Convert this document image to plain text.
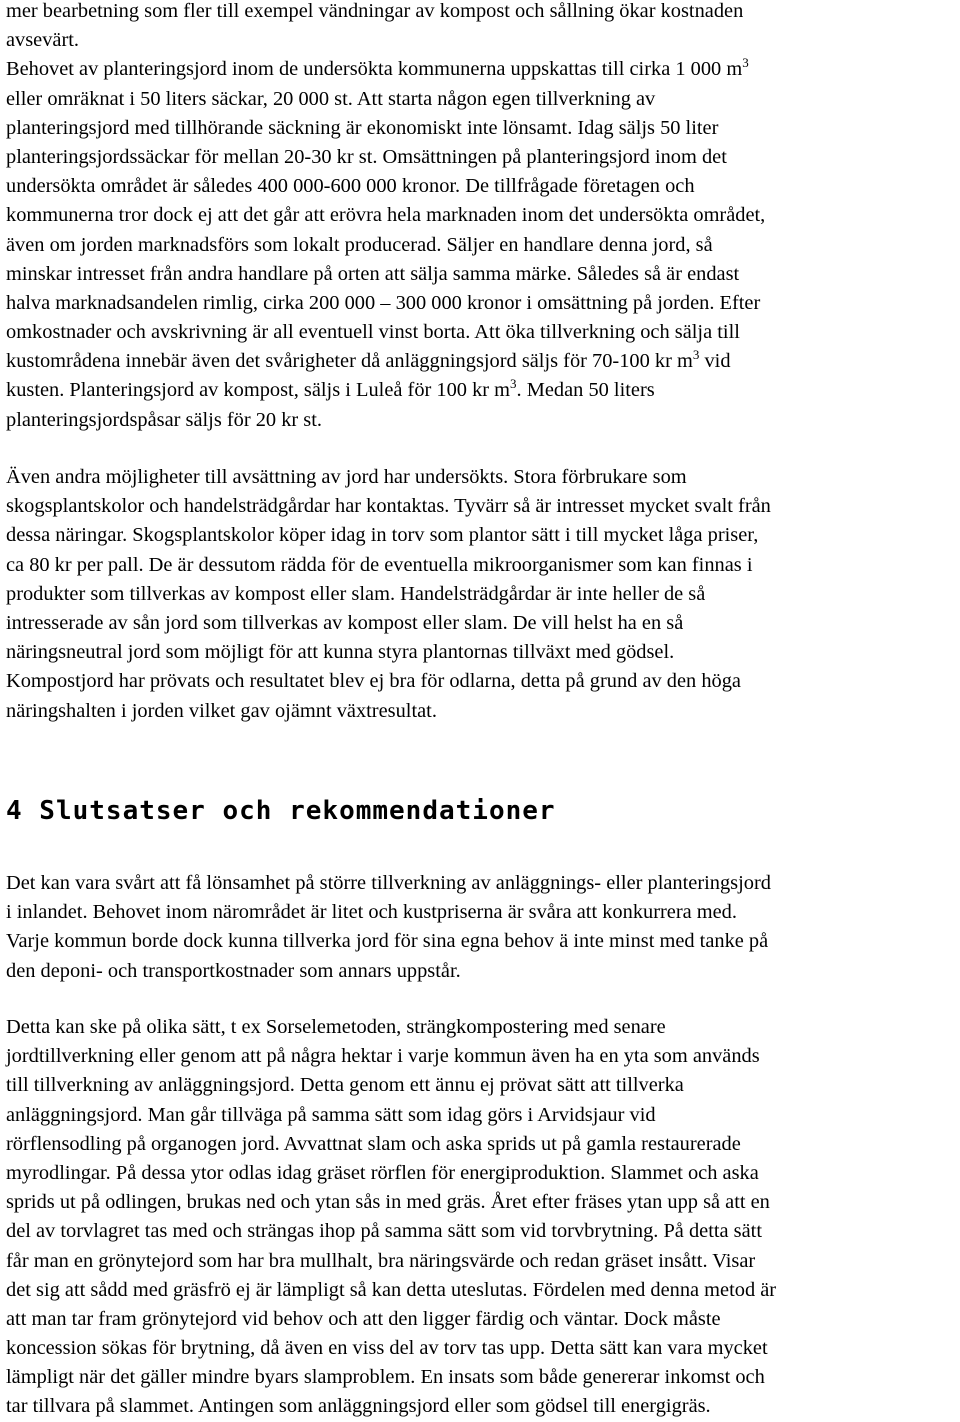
mer bearbetning som fler till exempel vändningar av kompost och sållning ökar kostnaden
avsevärt.
Behovet av planteringsjord inom de undersökta kommunerna uppskattas till cirka 1 000 $m^3$
eller omräknat i 50 liters säckar, 20 000 st. Att starta någon egen tillverkning av
planteringsjord med tillhörande säckning är ekonomiskt inte lönsamt. Idag säljs 50 liter
planteringsjordssäckar för mellan 20-30 kr st. Omsättningen på planteringsjord inom det
undersökta området är således 400 000-600 000 kronor. De tillfrågade företagen och
kommunerna tror dock ej att det går att erövra hela marknaden inom det undersökta området,
även om jorden marknadsförs som lokalt producerad. Säljer en handlare denna jord, så
minskar intresset från andra handlare på orten att sälja samma märke. Således så är endast
halva marknadsandelen rimlig, cirka 200 000 – 300 000 kronor i omsättning på jorden. Efter
omkostnader och avskrivning är all eventuell vinst borta. Att öka tillverkning och sälja till
kustområdena innebär även det svårigheter då anläggningsjord säljs för 70-100 kr $m^3$ vid
kusten. Planteringsjord av kompost, säljs i Luleå för 100 kr $m^3$. Medan 50 liters
planteringsjordspåsar säljs för 20 kr st.
Även andra möjligheter till avsättning av jord har undersökts. Stora förbrukare som
skogsplantskolor och handelsträdgårdar har kontaktas. Tyvärr så är intresset mycket svalt från
dessa näringar. Skogsplantskolor köper idag in torv som plantor sätt i till mycket låga priser,
ca 80 kr per pall. De är dessutom rädda för de eventuella mikroorganismer som kan finnas i
produkter som tillverkas av kompost eller slam. Handelsträdgårdar är inte heller de så
intresserade av sån jord som tillverkas av kompost eller slam. De vill helst ha en så
näringsneutral jord som möjligt för att kunna styra plantornas tillväxt med gödsel.
Kompostjord har prövats och resultatet blev ej bra för odlarna, detta på grund av den höga
näringshalten i jorden vilket gav ojämnt växtresultat.
4 Slutsatser och rekommendationer
Det kan vara svårt att få lönsamhet på större tillverkning av anläggnings- eller planteringsjord
i inlandet. Behovet inom närområdet är litet och kustpriserna är svåra att konkurrera med.
Varje kommun borde dock kunna tillverka jord för sina egna behov ä inte minst med tanke på
den deponi- och transportkostnader som annars uppstår.
Detta kan ske på olika sätt, t ex Sorselemetoden, strängkompostering med senare
jordtillverkning eller genom att på några hektar i varje kommun även ha en yta som används
till tillverkning av anläggningsjord. Detta genom ett ännu ej prövat sätt att tillverka
anläggningsjord. Man går tillväga på samma sätt som idag görs i Arvidsjaur vid
rörflensodling på organogen jord. Avvattnat slam och aska sprids ut på gamla restaurerade
myrodlingar. På dessa ytor odlas idag gräset rörflen för energiproduktion. Slammet och aska
sprids ut på odlingen, brukas ned och ytan sås in med gräs. Året efter fräses ytan upp så att en
del av torvlagret tas med och strängas ihop på samma sätt som vid torvbrytning. På detta sätt
får man en grönytejord som har bra mullhalt, bra näringsvärde och redan gräset insått. Visar
det sig att sådd med gräsfrö ej är lämpligt så kan detta uteslutas. Fördelen med denna metod är
att man tar fram grönytejord vid behov och att den ligger färdig och väntar. Dock måste
koncession sökas för brytning, då även en viss del av torv tas upp. Detta sätt kan vara mycket
lämpligt när det gäller mindre byars slamproblem. En insats som både genererar inkomst och
tar tillvara på slammet. Antingen som anläggningsjord eller som gödsel till energigräs.
